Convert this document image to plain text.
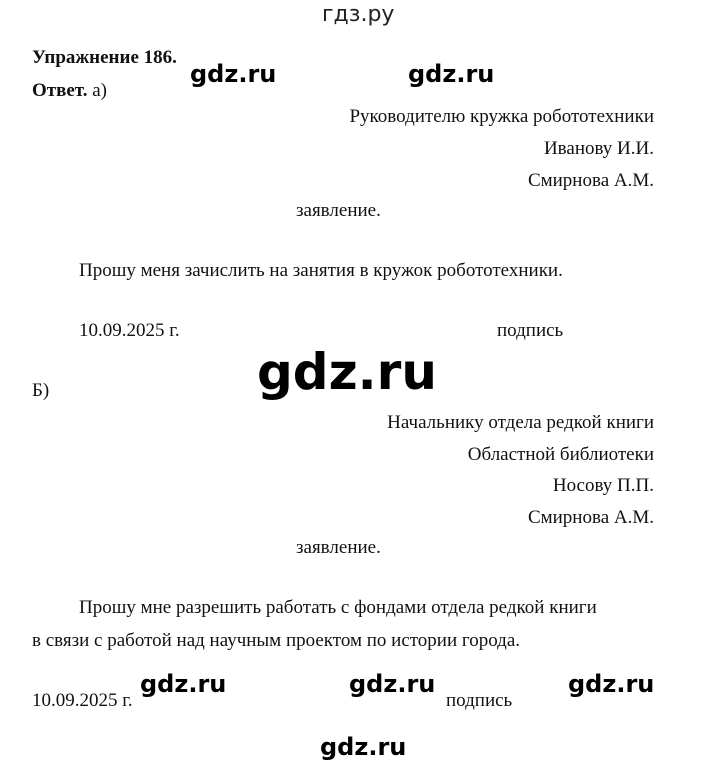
гдз.ру
Упражнение 186.
Ответ. а)
gdz.ru	gdz.ru
gdz.ru
gdz.ru	gdz.ru	gdz.ru
gdz.ru
Руководителю кружка робототехники
Иванову И.И.
Смирнова А.М.
заявление.
Прошу меня зачислить на занятия в кружок робототехники.
10.09.2025 г.	подпись
Б)
Начальнику отдела редкой книги
Областной библиотеки
Носову П.П.
Смирнова А.М.
заявление.
Прошу мне разрешить работать с фондами отдела редкой книги
в связи с работой над научным проектом по истории города.
10.09.2025 г.	подпись
